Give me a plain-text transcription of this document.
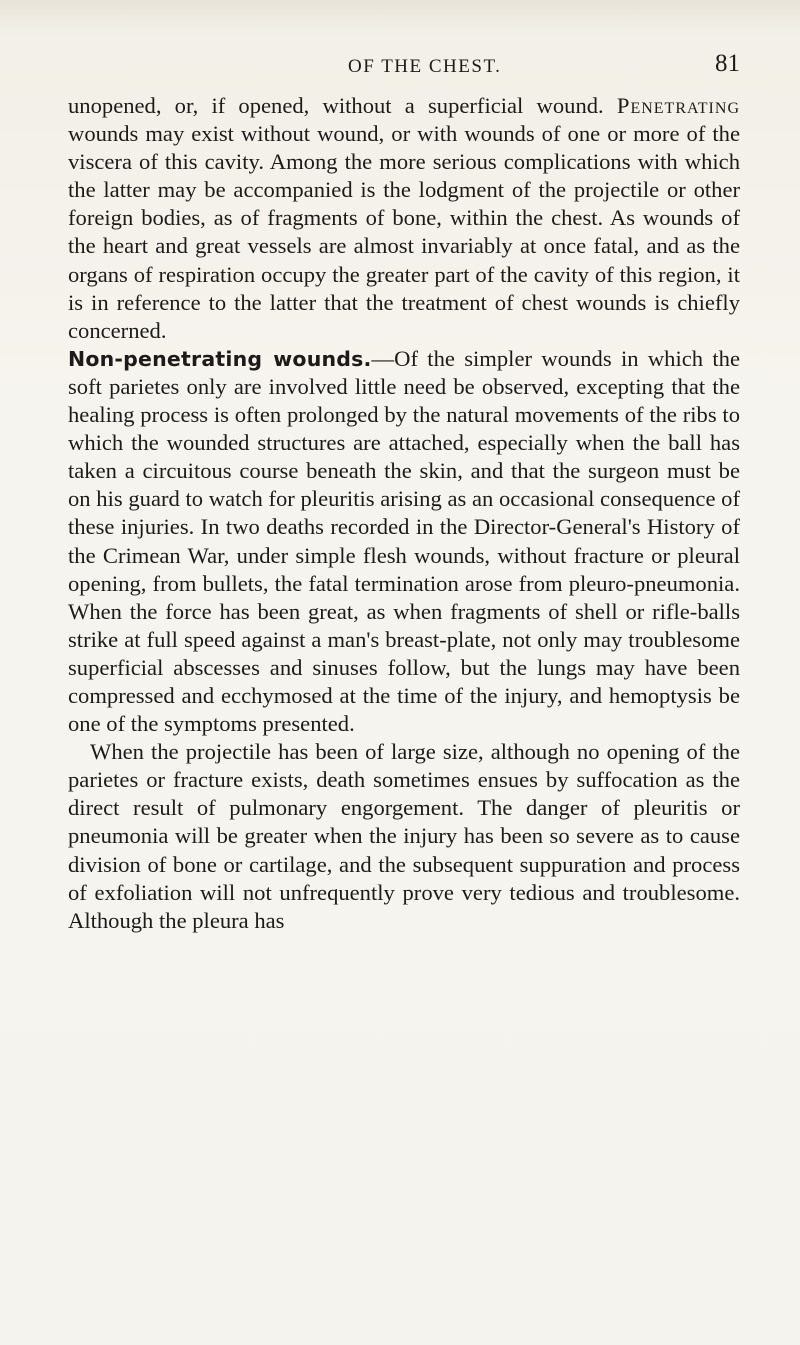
OF THE CHEST.	81

unopened, or, if opened, without a superficial wound. Penetrating wounds may exist without wound, or with wounds of one or more of the viscera of this cavity. Among the more serious complications with which the latter may be accompanied is the lodgment of the projectile or other foreign bodies, as of fragments of bone, within the chest. As wounds of the heart and great vessels are almost invariably at once fatal, and as the organs of respiration occupy the greater part of the cavity of this region, it is in reference to the latter that the treatment of chest wounds is chiefly concerned.

Non-penetrating wounds.—Of the simpler wounds in which the soft parietes only are involved little need be observed, excepting that the healing process is often prolonged by the natural movements of the ribs to which the wounded structures are attached, especially when the ball has taken a circuitous course beneath the skin, and that the surgeon must be on his guard to watch for pleuritis arising as an occasional consequence of these injuries. In two deaths recorded in the Director-General's History of the Crimean War, under simple flesh wounds, without fracture or pleural opening, from bullets, the fatal termination arose from pleuro-pneumonia. When the force has been great, as when fragments of shell or rifle-balls strike at full speed against a man's breast-plate, not only may troublesome superficial abscesses and sinuses follow, but the lungs may have been compressed and ecchymosed at the time of the injury, and hemoptysis be one of the symptoms presented.

When the projectile has been of large size, although no opening of the parietes or fracture exists, death sometimes ensues by suffocation as the direct result of pulmonary engorgement. The danger of pleuritis or pneumonia will be greater when the injury has been so severe as to cause division of bone or cartilage, and the subsequent suppuration and process of exfoliation will not unfrequently prove very tedious and troublesome. Although the pleura has
